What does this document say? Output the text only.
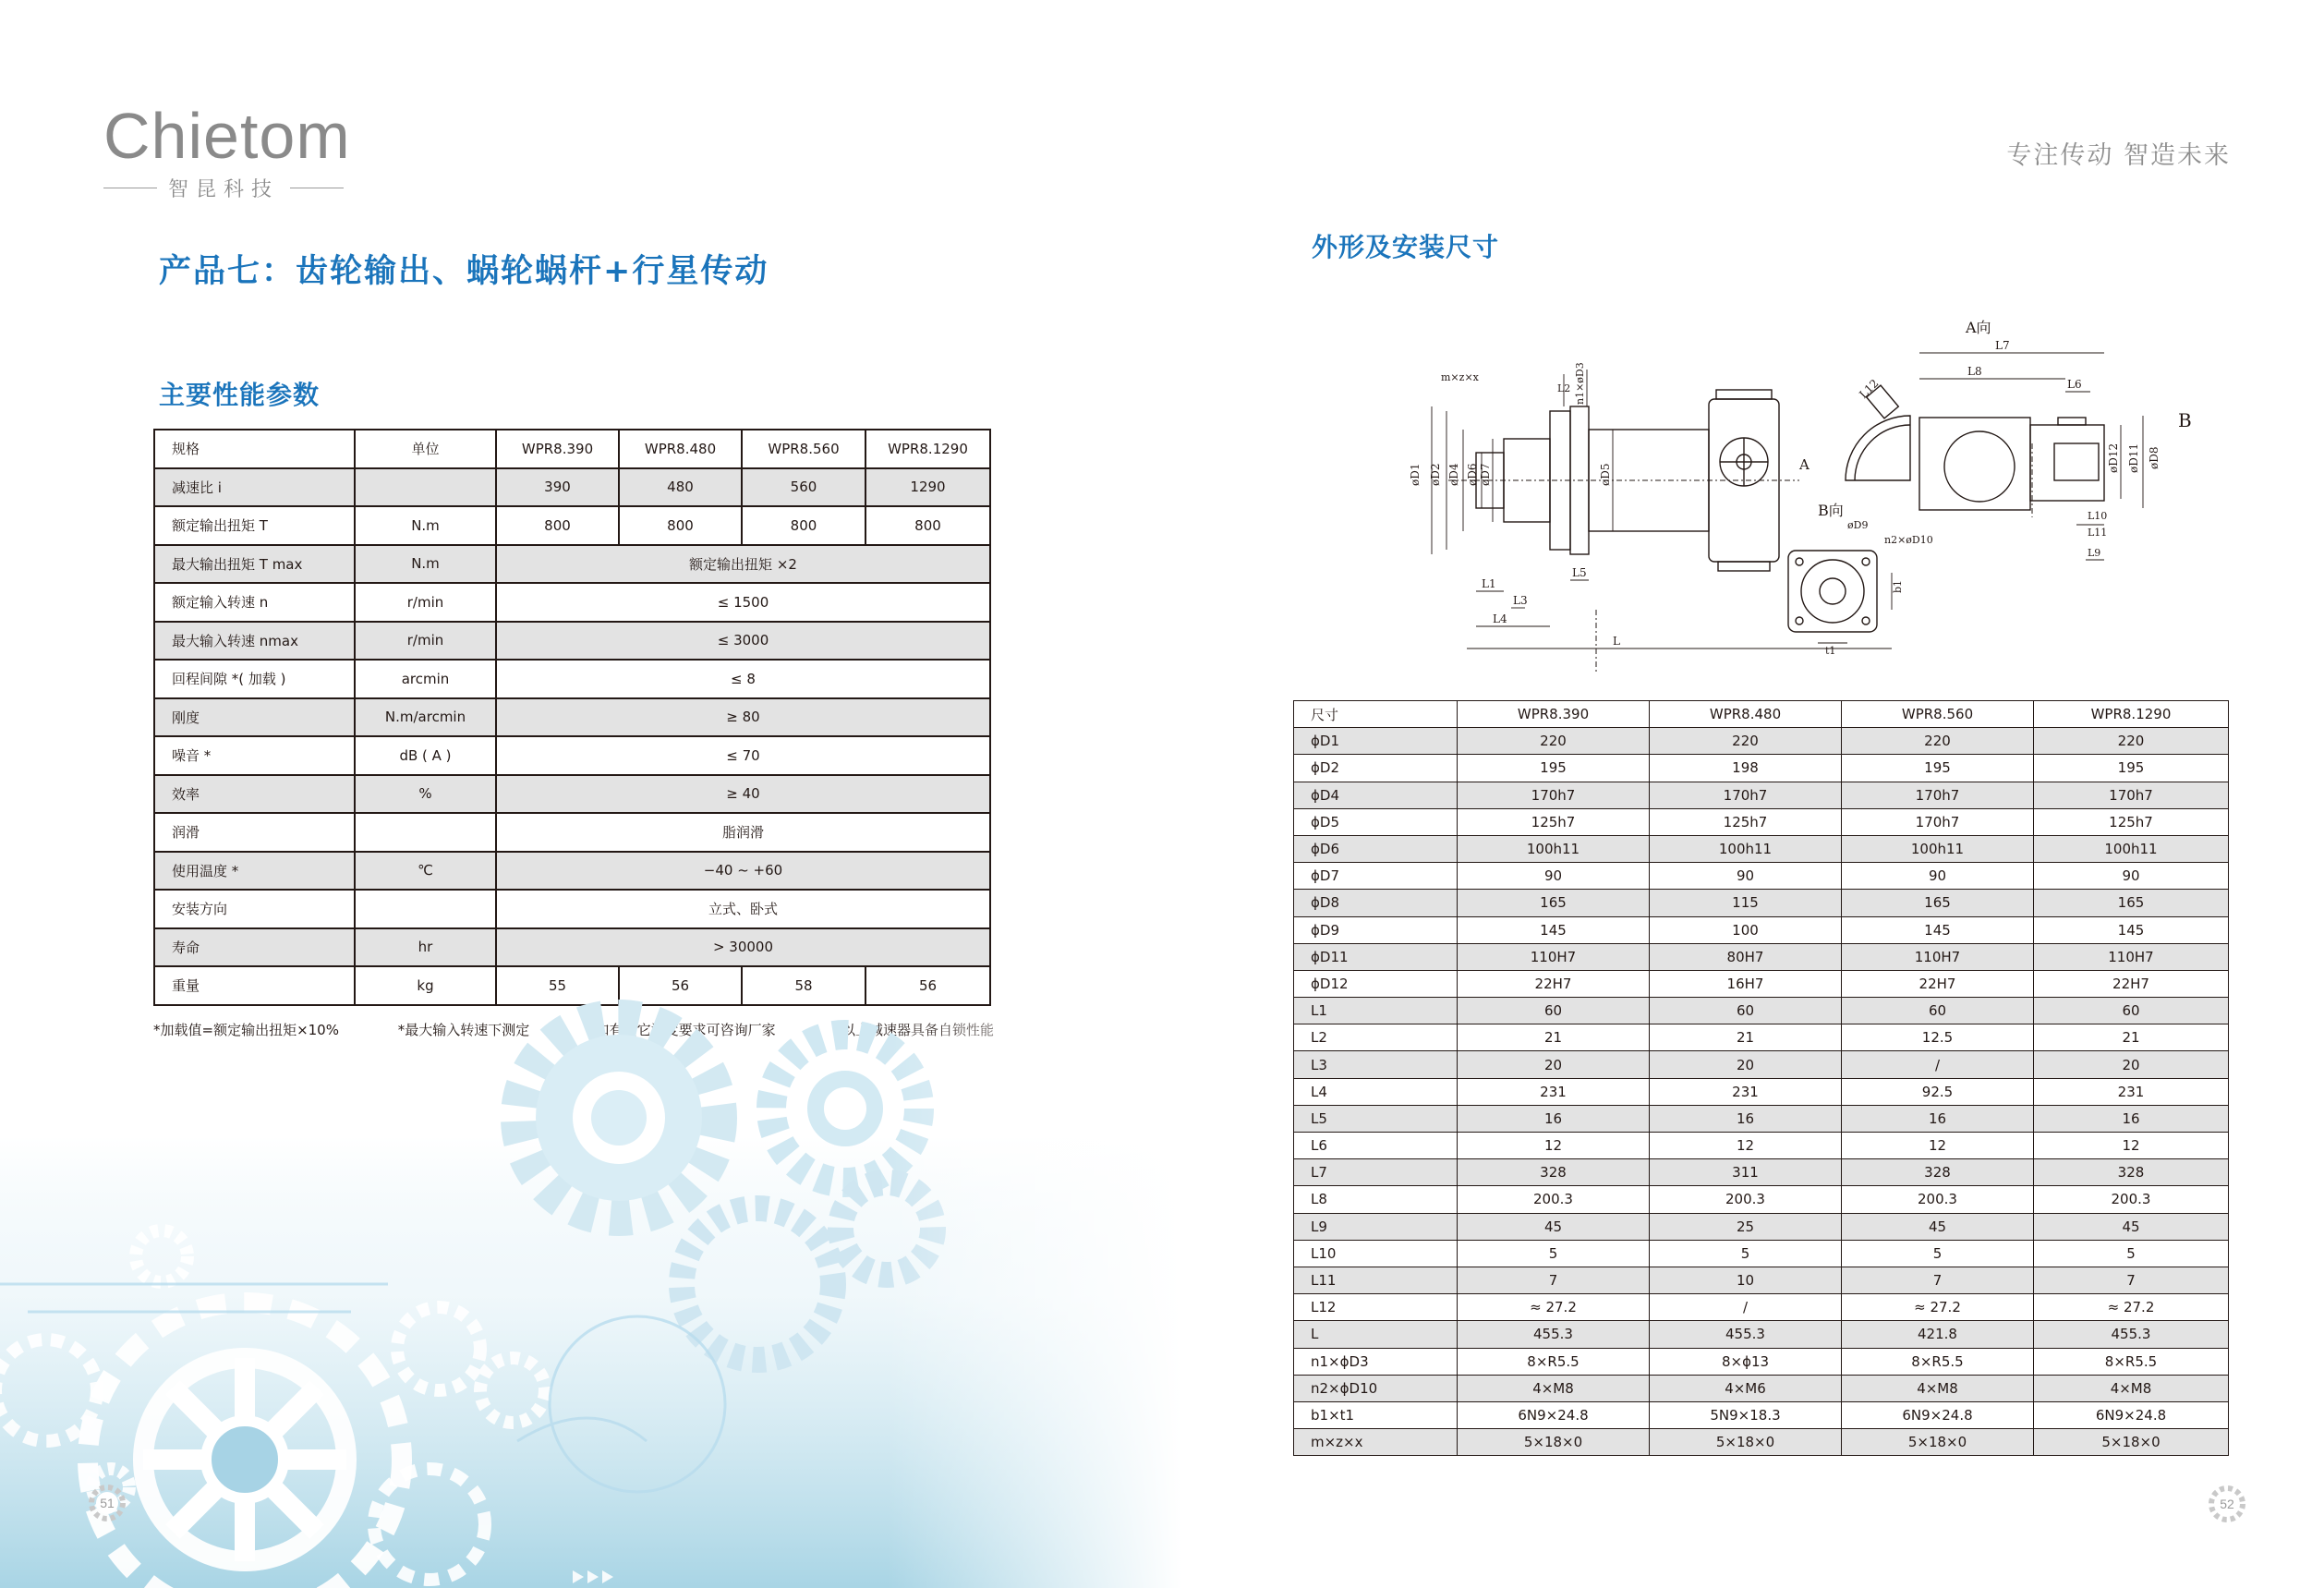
Chietom
智昆科技
专注传动 智造未来
产品七：齿轮输出、蜗轮蜗杆+行星传动
主要性能参数
规格	单位	WPR8.390	WPR8.480	WPR8.560	WPR8.1290
减速比 i		390	480	560	1290
额定输出扭矩 T	N.m	800	800	800	800
最大输出扭矩 T max	N.m	额定输出扭矩 ×2			
额定输入转速 n	r/min	≤ 1500			
最大输入转速 nmax	r/min	≤ 3000			
回程间隙 *( 加载 )	arcmin	≤ 8			
刚度	N.m/arcmin	≥ 80			
噪音 *	dB ( A )	≤ 70			
效率	%	≥ 40			
润滑		脂润滑			
使用温度 *	℃	−40 ~ +60			
安装方向		立式、卧式			
寿命	hr	> 30000			
重量	kg	55	56	58	56
51
外形及安装尺寸
øD1 øD2 øD4 øD6 øD7	øD5
m×z×x	n1×øD3
L2
L1
L3
L4
L5
L
A
A向
L7
L8
L6
L12
øD12 øD11 øD8
B
L10
L11
L9
B向
øD9
n2×øD10
b1
t1
尺寸	WPR8.390	WPR8.480	WPR8.560	WPR8.1290
ϕD1	220	220	220	220
ϕD2	195	198	195	195
ϕD4	170h7	170h7	170h7	170h7
ϕD5	125h7	125h7	170h7	125h7
ϕD6	100h11	100h11	100h11	100h11
ϕD7	90	90	90	90
ϕD8	165	115	165	165
ϕD9	145	100	145	145
ϕD11	110H7	80H7	110H7	110H7
ϕD12	22H7	16H7	22H7	22H7
L1	60	60	60	60
L2	21	21	12.5	21
L3	20	20	/	20
L4	231	231	92.5	231
L5	16	16	16	16
L6	12	12	12	12
L7	328	311	328	328
L8	200.3	200.3	200.3	200.3
L9	45	25	45	45
L10	5	5	5	5
L11	7	10	7	7
L12	≈ 27.2	/	≈ 27.2	≈ 27.2
L	455.3	455.3	421.8	455.3
n1×ϕD3	8×R5.5	8×ϕ13	8×R5.5	8×R5.5
n2×ϕD10	4×M8	4×M6	4×M8	4×M8
b1×t1	6N9×24.8	5N9×18.3	6N9×24.8	6N9×24.8
m×z×x	5×18×0	5×18×0	5×18×0	5×18×0
52
